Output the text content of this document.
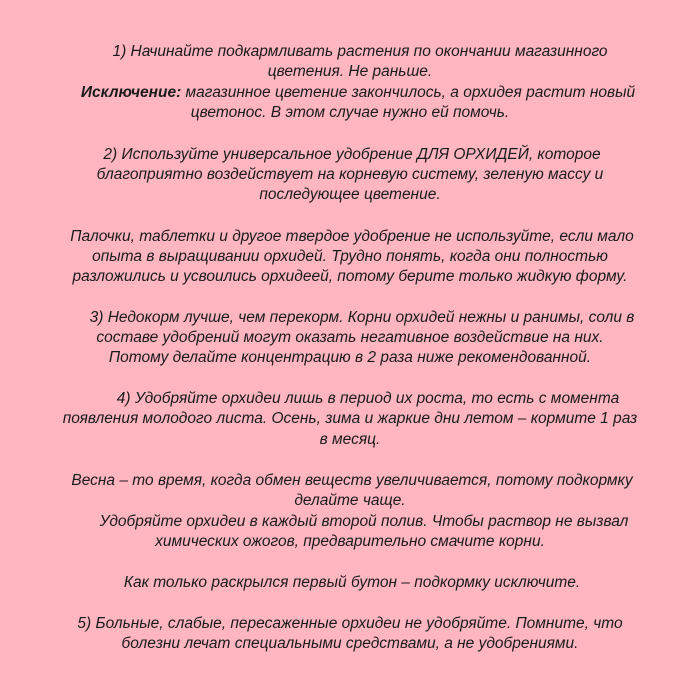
1) Начинайте подкармливать растения по окончании магазинного
цветения. Не раньше.
Исключение: магазинное цветение закончилось, а орхидея растит новый
цветонос. В этом случае нужно ей помочь.
2) Используйте универсальное удобрение ДЛЯ ОРХИДЕЙ, которое
благоприятно воздействует на корневую систему, зеленую массу и
последующее цветение.
Палочки, таблетки и другое твердое удобрение не используйте, если мало
опыта в выращивании орхидей. Трудно понять, когда они полностью
разложились и усвоились орхидеей, потому берите только жидкую форму.
3) Недокорм лучше, чем перекорм. Корни орхидей нежны и ранимы, соли в
составе удобрений могут оказать негативное воздействие на них.
Потому делайте концентрацию в 2 раза ниже рекомендованной.
4) Удобряйте орхидеи лишь в период их роста, то есть с момента
появления молодого листа. Осень, зима и жаркие дни летом – кормите 1 раз
в месяц.
Весна – то время, когда обмен веществ увеличивается, потому подкормку
делайте чаще.
Удобряйте орхидеи в каждый второй полив. Чтобы раствор не вызвал
химических ожогов, предварительно смачите корни.
Как только раскрылся первый бутон – подкормку исключите.
5) Больные, слабые, пересаженные орхидеи не удобряйте. Помните, что
болезни лечат специальными средствами, а не удобрениями.
